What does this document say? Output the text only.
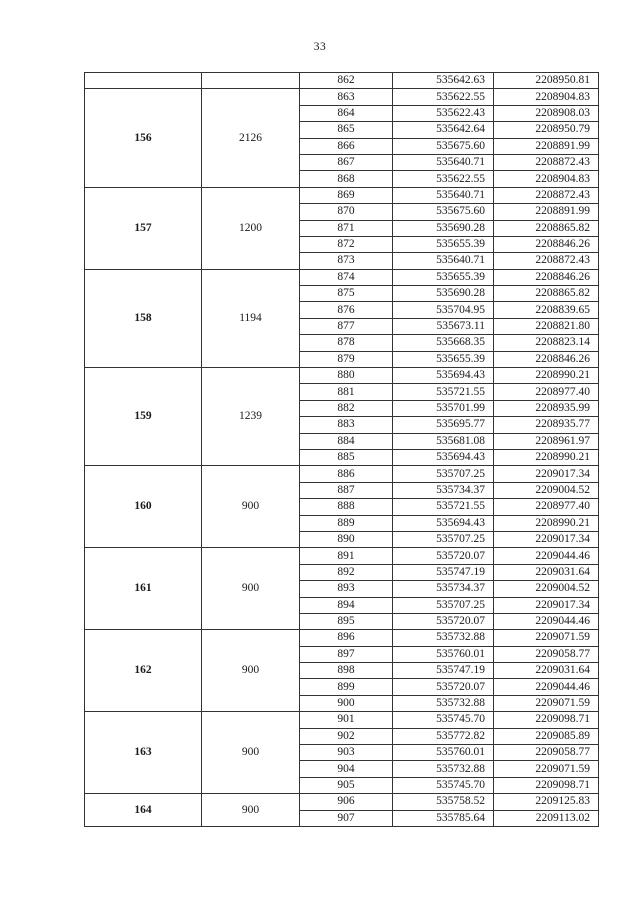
33
		862	535642.63	2208950.81
156	2126	863	535622.55	2208904.83
		864	535622.43	2208908.03
		865	535642.64	2208950.79
		866	535675.60	2208891.99
		867	535640.71	2208872.43
		868	535622.55	2208904.83
157	1200	869	535640.71	2208872.43
		870	535675.60	2208891.99
		871	535690.28	2208865.82
		872	535655.39	2208846.26
		873	535640.71	2208872.43
158	1194	874	535655.39	2208846.26
		875	535690.28	2208865.82
		876	535704.95	2208839.65
		877	535673.11	2208821.80
		878	535668.35	2208823.14
		879	535655.39	2208846.26
159	1239	880	535694.43	2208990.21
		881	535721.55	2208977.40
		882	535701.99	2208935.99
		883	535695.77	2208935.77
		884	535681.08	2208961.97
		885	535694.43	2208990.21
160	900	886	535707.25	2209017.34
		887	535734.37	2209004.52
		888	535721.55	2208977.40
		889	535694.43	2208990.21
		890	535707.25	2209017.34
161	900	891	535720.07	2209044.46
		892	535747.19	2209031.64
		893	535734.37	2209004.52
		894	535707.25	2209017.34
		895	535720.07	2209044.46
162	900	896	535732.88	2209071.59
		897	535760.01	2209058.77
		898	535747.19	2209031.64
		899	535720.07	2209044.46
		900	535732.88	2209071.59
163	900	901	535745.70	2209098.71
		902	535772.82	2209085.89
		903	535760.01	2209058.77
		904	535732.88	2209071.59
		905	535745.70	2209098.71
164	900	906	535758.52	2209125.83
		907	535785.64	2209113.02
